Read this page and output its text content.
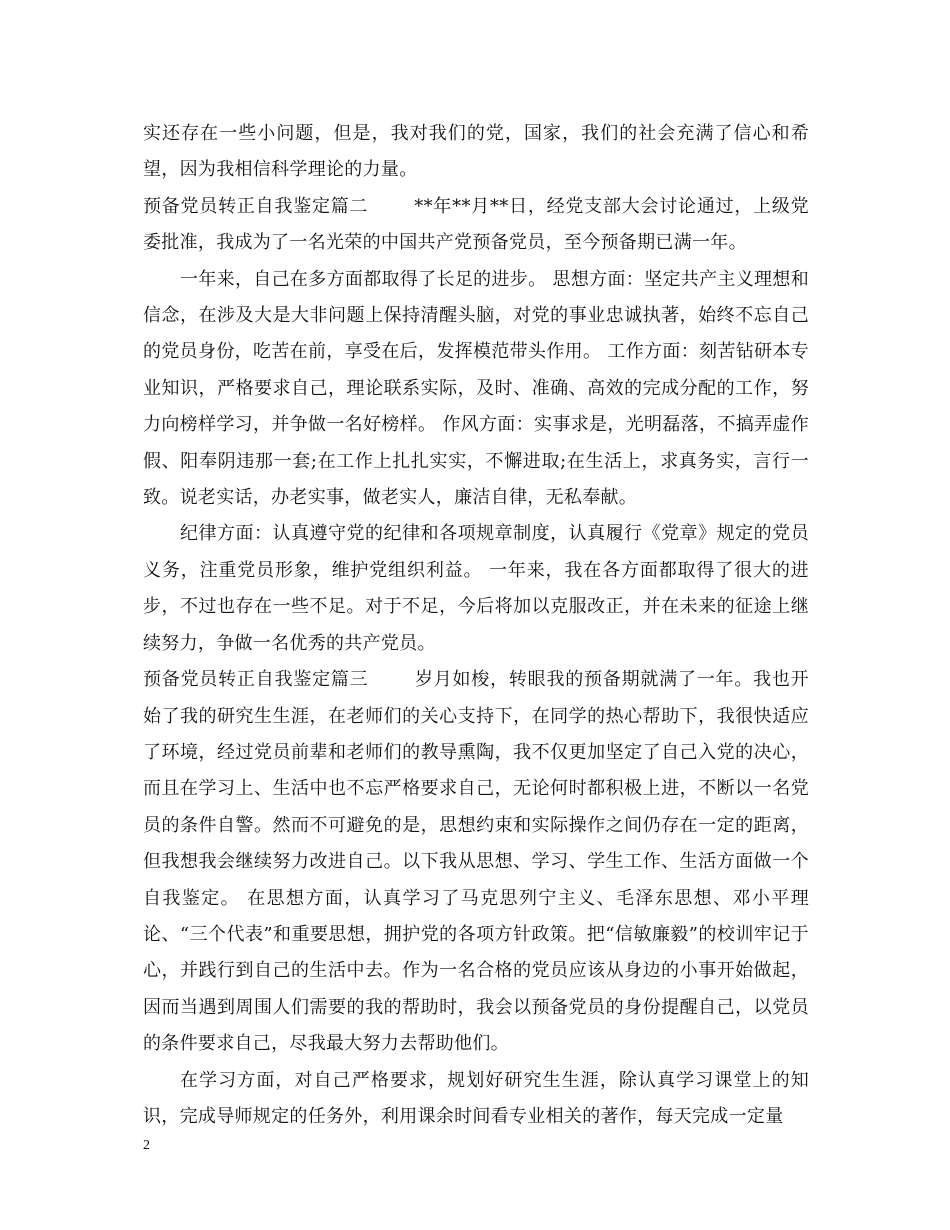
实还存在一些小问题，但是，我对我们的党，国家，我们的社会充满了信心和希望，因为我相信科学理论的力量。

预备党员转正自我鉴定篇二	**年**月**日，经党支部大会讨论通过，上级党委批准，我成为了一名光荣的中国共产党预备党员，至今预备期已满一年。

一年来，自己在多方面都取得了长足的进步。 思想方面：坚定共产主义理想和信念，在涉及大是大非问题上保持清醒头脑，对党的事业忠诚执著，始终不忘自己的党员身份，吃苦在前，享受在后，发挥模范带头作用。 工作方面：刻苦钻研本专业知识，严格要求自己，理论联系实际，及时、准确、高效的完成分配的工作，努力向榜样学习，并争做一名好榜样。 作风方面：实事求是，光明磊落，不搞弄虚作假、阳奉阴违那一套;在工作上扎扎实实，不懈进取;在生活上，求真务实，言行一致。说老实话，办老实事，做老实人，廉洁自律，无私奉献。

纪律方面：认真遵守党的纪律和各项规章制度，认真履行《党章》规定的党员义务，注重党员形象，维护党组织利益。 一年来，我在各方面都取得了很大的进步，不过也存在一些不足。对于不足，今后将加以克服改正，并在未来的征途上继续努力，争做一名优秀的共产党员。

预备党员转正自我鉴定篇三	岁月如梭，转眼我的预备期就满了一年。我也开始了我的研究生生涯，在老师们的关心支持下，在同学的热心帮助下，我很快适应了环境，经过党员前辈和老师们的教导熏陶，我不仅更加坚定了自己入党的决心，而且在学习上、生活中也不忘严格要求自己，无论何时都积极上进，不断以一名党员的条件自警。然而不可避免的是，思想约束和实际操作之间仍存在一定的距离，但我想我会继续努力改进自己。以下我从思想、学习、学生工作、生活方面做一个自我鉴定。 在思想方面，认真学习了马克思列宁主义、毛泽东思想、邓小平理论、“三个代表”和重要思想，拥护党的各项方针政策。把“信敏廉毅”的校训牢记于心，并践行到自己的生活中去。作为一名合格的党员应该从身边的小事开始做起，因而当遇到周围人们需要的我的帮助时，我会以预备党员的身份提醒自己，以党员的条件要求自己，尽我最大努力去帮助他们。

在学习方面，对自己严格要求，规划好研究生生涯，除认真学习课堂上的知识，完成导师规定的任务外，利用课余时间看专业相关的著作，每天完成一定量

2
